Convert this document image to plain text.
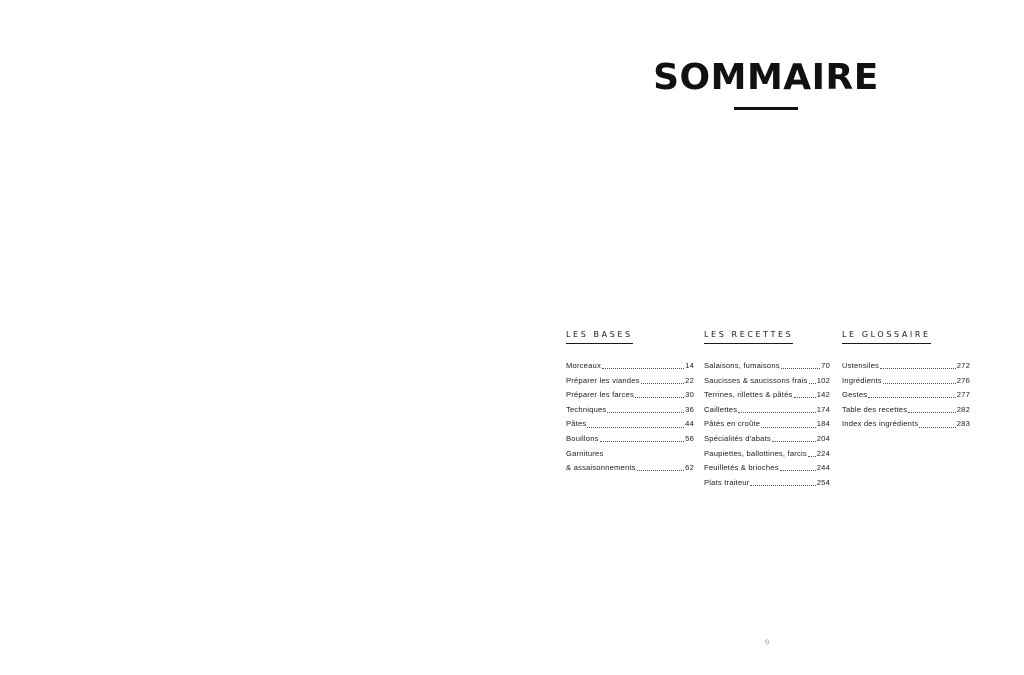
SOMMAIRE
LES BASES
Morceaux	14
Préparer les viandes	22
Préparer les farces	30
Techniques	36
Pâtes	44
Bouillons	56
Garnitures
& assaisonnements	62
LES RECETTES
Salaisons, fumaisons	70
Saucisses & saucissons frais 102
Terrines, rillettes & pâtés	142
Caillettes	174
Pâtés en croûte	184
Spécialités d'abats	204
Paupiettes, ballottines, farcis 224
Feuilletés & brioches	244
Plats traiteur	254
LE GLOSSAIRE
Ustensiles	272
Ingrédients	276
Gestes	277
Table des recettes	282
Index des ingrédients	283
9
